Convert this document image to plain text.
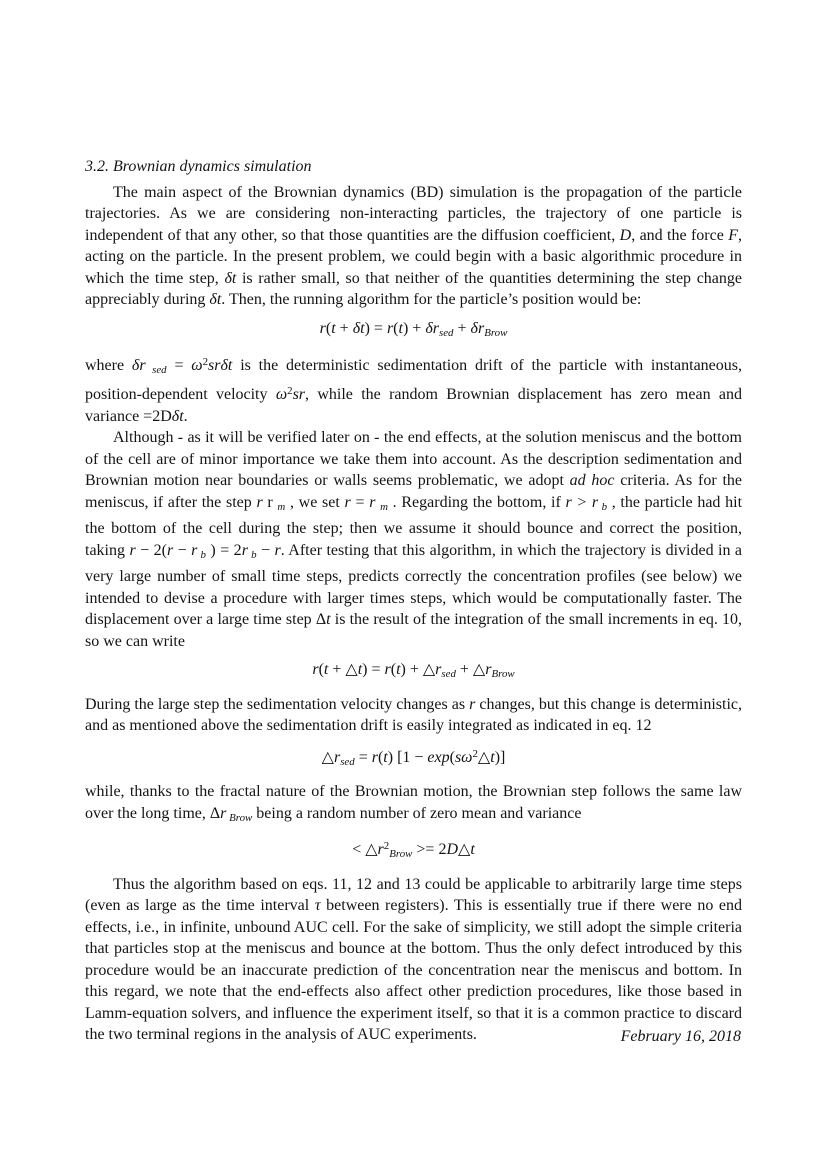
3.2. Brownian dynamics simulation

The main aspect of the Brownian dynamics (BD) simulation is the propagation of the particle trajectories. As we are considering non-interacting particles, the trajectory of one particle is independent of that any other, so that those quantities are the diffusion coefficient, D, and the force F, acting on the particle. In the present problem, we could begin with a basic algorithmic procedure in which the time step, δt is rather small, so that neither of the quantities determining the step change appreciably during δt. Then, the running algorithm for the particle’s position would be:

r(t + δt) = r(t) + δrsed + δrBrow

where δr sed = $\omega^2sr\delta t$ is the deterministic sedimentation drift of the particle with instantaneous, position-dependent velocity $\omega^2sr$, while the random Brownian displacement has zero mean and variance =2Dδt.

Although - as it will be verified later on - the end effects, at the solution meniscus and the bottom of the cell are of minor importance we take them into account. As the description sedimentation and Brownian motion near boundaries or walls seems problematic, we adopt ad hoc criteria. As for the meniscus, if after the step r r m , we set r = r m . Regarding the bottom, if r > r b , the particle had hit the bottom of the cell during the step; then we assume it should bounce and correct the position, taking r − 2(r − r b ) = 2r b − r. After testing that this algorithm, in which the trajectory is divided in a very large number of small time steps, predicts correctly the concentration profiles (see below) we intended to devise a procedure with larger times steps, which would be computationally faster. The displacement over a large time step Δt is the result of the integration of the small increments in eq. 10, so we can write

r(t + △t) = r(t) + △rsed + △rBrow

During the large step the sedimentation velocity changes as r changes, but this change is deterministic, and as mentioned above the sedimentation drift is easily integrated as indicated in eq. 12

△rsed = r(t) $[1 - \exp(s\omega^2\triangle t)]$

while, thanks to the fractal nature of the Brownian motion, the Brownian step follows the same law over the long time, Δr Brow being a random number of zero mean and variance

< $\triangle r^2Brow$ >= 2D△t

Thus the algorithm based on eqs. 11, 12 and 13 could be applicable to arbitrarily large time steps (even as large as the time interval τ between registers). This is essentially true if there were no end effects, i.e., in infinite, unbound AUC cell. For the sake of simplicity, we still adopt the simple criteria that particles stop at the meniscus and bounce at the bottom. Thus the only defect introduced by this procedure would be an inaccurate prediction of the concentration near the meniscus and bottom. In this regard, we note that the end-effects also affect other prediction procedures, like those based in Lamm-equation solvers, and influence the experiment itself, so that it is a common practice to discard the two terminal regions in the analysis of AUC experiments.	February 16, 2018
